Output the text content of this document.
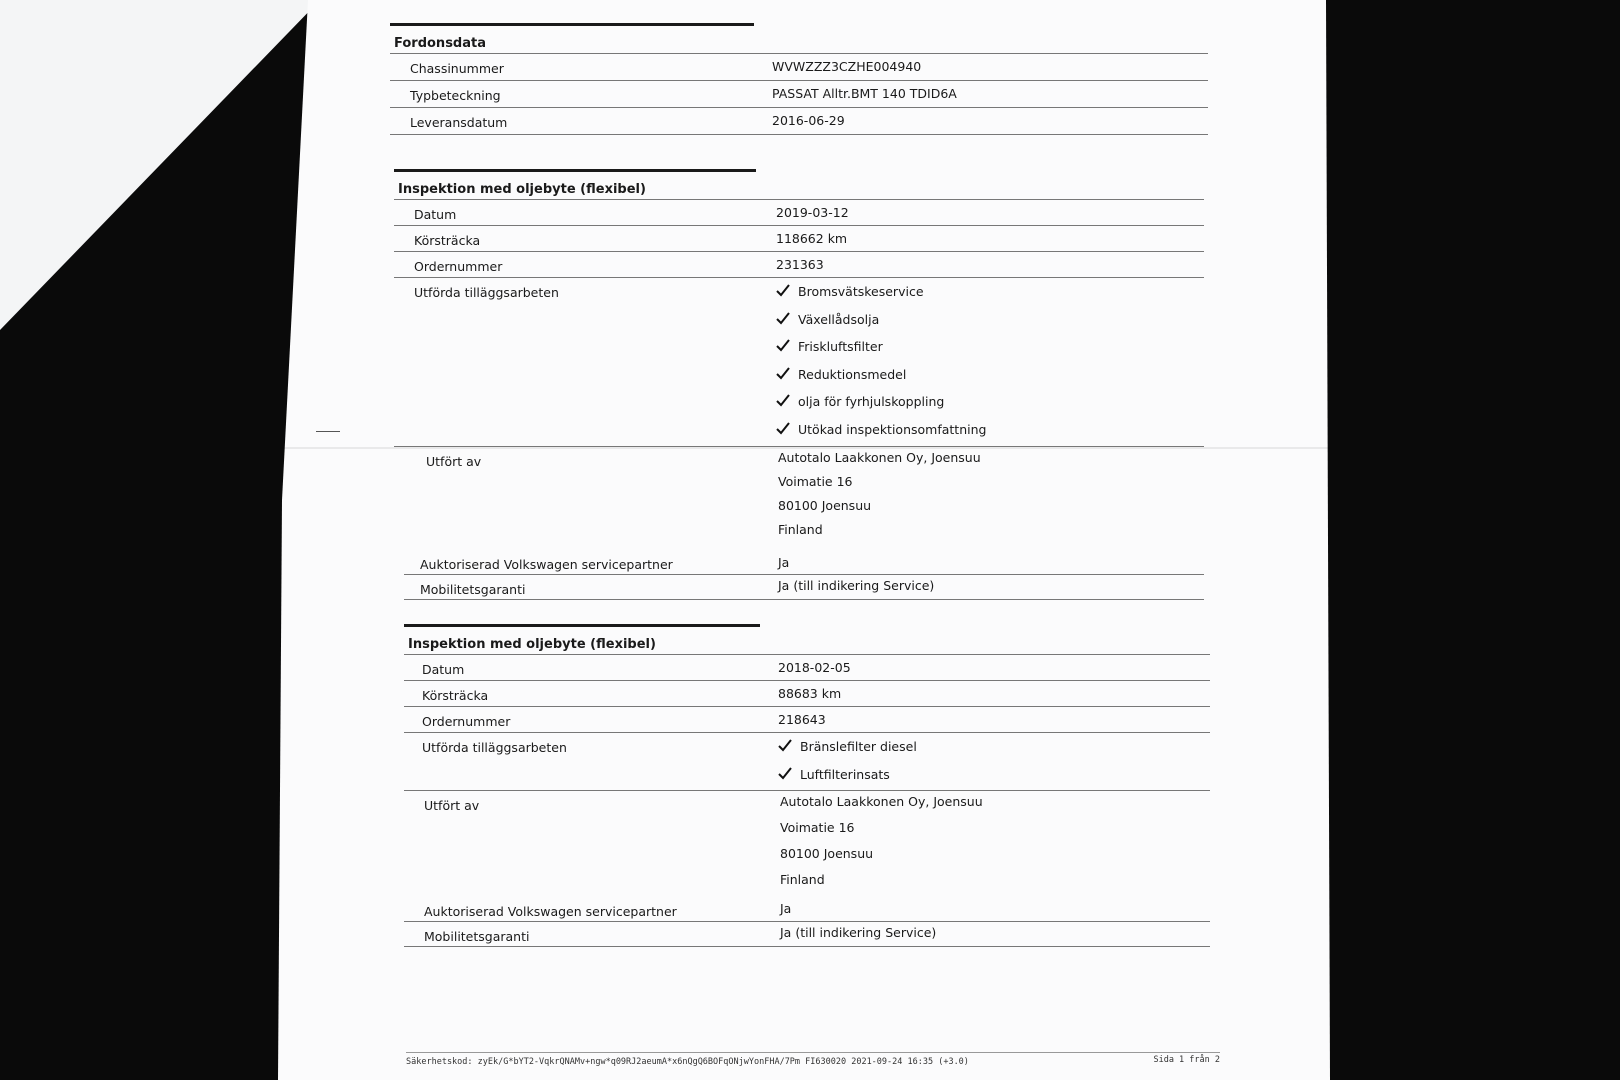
Fordonsdata
Chassinummer	WVWZZZ3CZHE004940
Typbeteckning	PASSAT Alltr.BMT 140 TDID6A
Leveransdatum	2016-06-29
Inspektion med oljebyte (flexibel)
Datum	2019-03-12
Körsträcka	118662 km
Ordernummer	231363
Utförda tilläggsarbeten	Bromsvätskeservice
Växellådsolja
Friskluftsfilter
Reduktionsmedel
olja för fyrhjulskoppling
Utökad inspektionsomfattning
Utfört av	Autotalo Laakkonen Oy, Joensuu
Voimatie 16
80100 Joensuu
Finland
Auktoriserad Volkswagen servicepartner	Ja
Mobilitetsgaranti	Ja (till indikering Service)
Inspektion med oljebyte (flexibel)
Datum	2018-02-05
Körsträcka	88683 km
Ordernummer	218643
Utförda tilläggsarbeten	Bränslefilter diesel
Luftfilterinsats
Utfört av	Autotalo Laakkonen Oy, Joensuu
Voimatie 16
80100 Joensuu
Finland
Auktoriserad Volkswagen servicepartner	Ja
Mobilitetsgaranti	Ja (till indikering Service)
Säkerhetskod: zyEk/G*bYT2-VqkrQNAMv+ngw*q09RJ2aeumA*x6nQgQ6BOFqONjwYonFHA/7Pm FI630020 2021-09-24 16:35 (+3.0)	Sida 1 från 2
